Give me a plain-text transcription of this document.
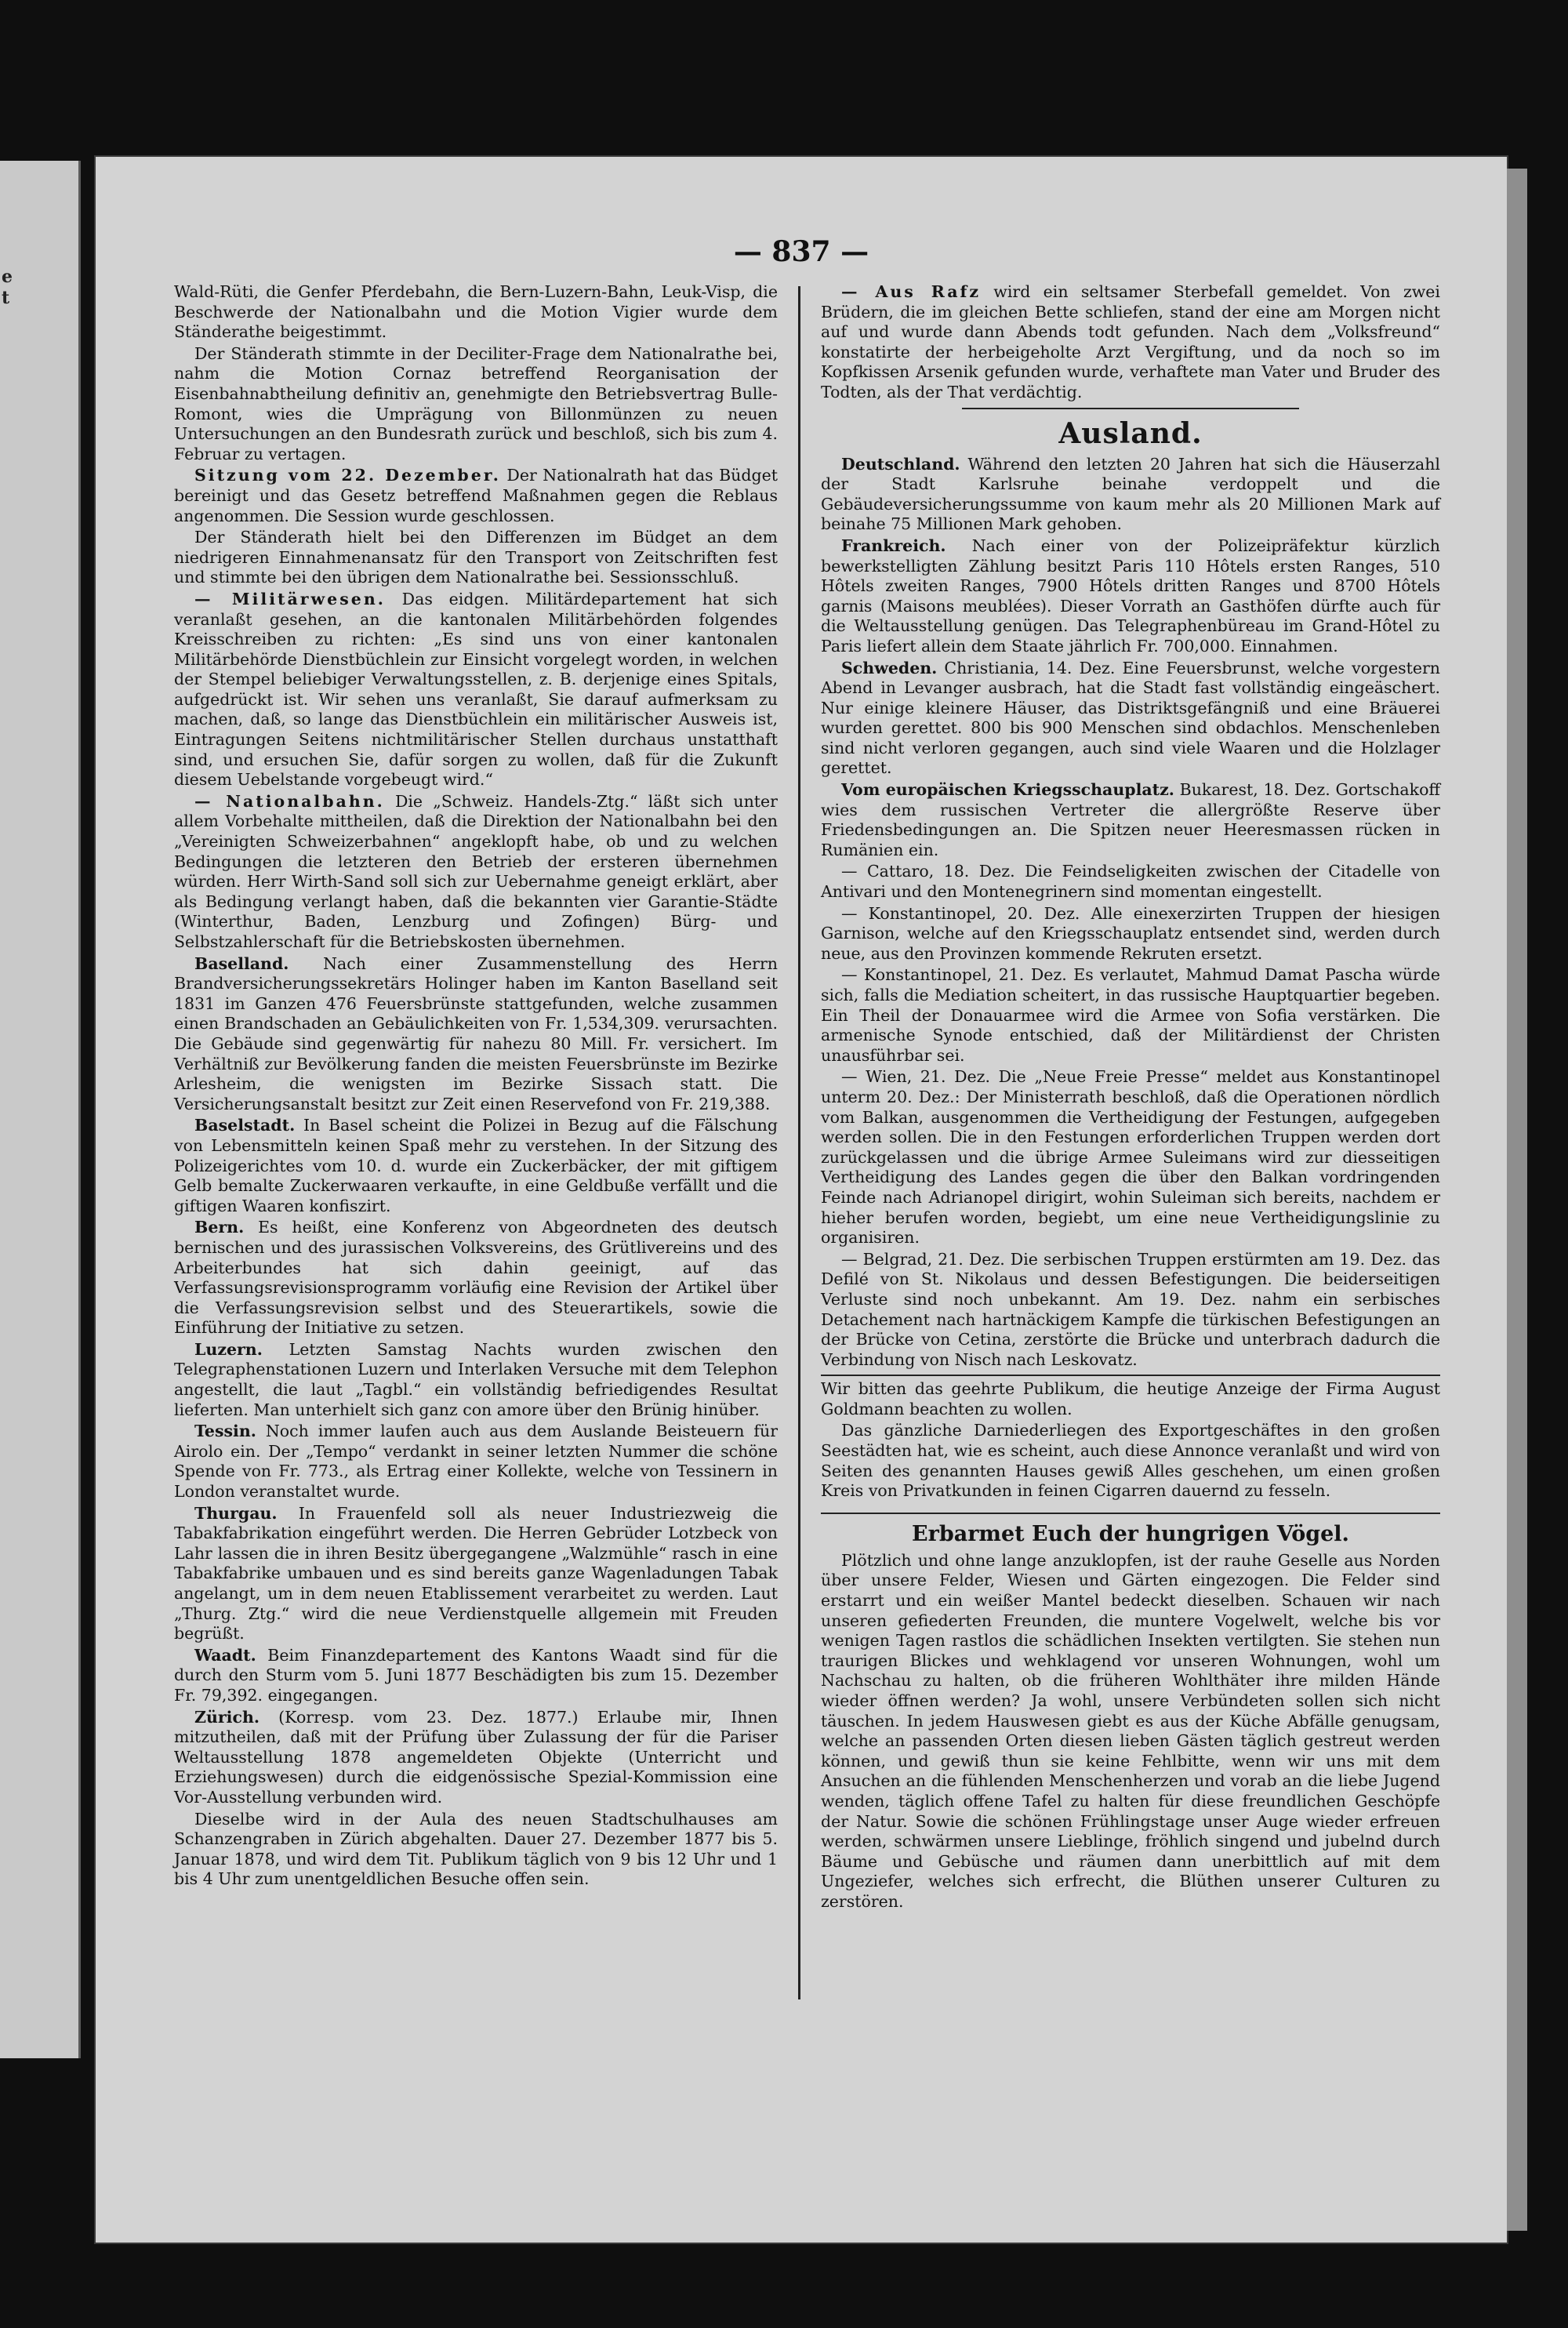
e
t
— 837 —

Wald-Rüti, die Genfer Pferdebahn, die Bern-Luzern-Bahn, Leuk-Visp, die Beschwerde der Nationalbahn und die Motion Vigier wurde dem Ständerathe beigestimmt.

Der Ständerath stimmte in der Deciliter-Frage dem Nationalrathe bei, nahm die Motion Cornaz betreffend Reorganisation der Eisenbahnabtheilung definitiv an, genehmigte den Betriebsvertrag Bulle-Romont, wies die Umprägung von Billonmünzen zu neuen Untersuchungen an den Bundesrath zurück und beschloß, sich bis zum 4. Februar zu vertagen.

Sitzung vom 22. Dezember. Der Nationalrath hat das Büdget bereinigt und das Gesetz betreffend Maßnahmen gegen die Reblaus angenommen. Die Session wurde geschlossen.

Der Ständerath hielt bei den Differenzen im Büdget an dem niedrigeren Einnahmenansatz für den Transport von Zeitschriften fest und stimmte bei den übrigen dem Nationalrathe bei. Sessionsschluß.

— Militärwesen. Das eidgen. Militärdepartement hat sich veranlaßt gesehen, an die kantonalen Militärbehörden folgendes Kreisschreiben zu richten: „Es sind uns von einer kantonalen Militärbehörde Dienstbüchlein zur Einsicht vorgelegt worden, in welchen der Stempel beliebiger Verwaltungsstellen, z. B. derjenige eines Spitals, aufgedrückt ist. Wir sehen uns veranlaßt, Sie darauf aufmerksam zu machen, daß, so lange das Dienstbüchlein ein militärischer Ausweis ist, Eintragungen Seitens nichtmilitärischer Stellen durchaus unstatthaft sind, und ersuchen Sie, dafür sorgen zu wollen, daß für die Zukunft diesem Uebelstande vorgebeugt wird.“

— Nationalbahn. Die „Schweiz. Handels-Ztg.“ läßt sich unter allem Vorbehalte mittheilen, daß die Direktion der Nationalbahn bei den „Vereinigten Schweizerbahnen“ angeklopft habe, ob und zu welchen Bedingungen die letzteren den Betrieb der ersteren übernehmen würden. Herr Wirth-Sand soll sich zur Uebernahme geneigt erklärt, aber als Bedingung verlangt haben, daß die bekannten vier Garantie-Städte (Winterthur, Baden, Lenzburg und Zofingen) Bürg- und Selbstzahlerschaft für die Betriebskosten übernehmen.

Baselland. Nach einer Zusammenstellung des Herrn Brandversicherungssekretärs Holinger haben im Kanton Baselland seit 1831 im Ganzen 476 Feuersbrünste stattgefunden, welche zusammen einen Brandschaden an Gebäulichkeiten von Fr. 1,534,309. verursachten. Die Gebäude sind gegenwärtig für nahezu 80 Mill. Fr. versichert. Im Verhältniß zur Bevölkerung fanden die meisten Feuersbrünste im Bezirke Arlesheim, die wenigsten im Bezirke Sissach statt. Die Versicherungsanstalt besitzt zur Zeit einen Reservefond von Fr. 219,388.

Baselstadt. In Basel scheint die Polizei in Bezug auf die Fälschung von Lebensmitteln keinen Spaß mehr zu verstehen. In der Sitzung des Polizeigerichtes vom 10. d. wurde ein Zuckerbäcker, der mit giftigem Gelb bemalte Zuckerwaaren verkaufte, in eine Geldbuße verfällt und die giftigen Waaren konfiszirt.

Bern. Es heißt, eine Konferenz von Abgeordneten des deutsch bernischen und des jurassischen Volksvereins, des Grütlivereins und des Arbeiterbundes hat sich dahin geeinigt, auf das Verfassungsrevisionsprogramm vorläufig eine Revision der Artikel über die Verfassungsrevision selbst und des Steuerartikels, sowie die Einführung der Initiative zu setzen.

Luzern. Letzten Samstag Nachts wurden zwischen den Telegraphenstationen Luzern und Interlaken Versuche mit dem Telephon angestellt, die laut „Tagbl.“ ein vollständig befriedigendes Resultat lieferten. Man unterhielt sich ganz con amore über den Brünig hinüber.

Tessin. Noch immer laufen auch aus dem Auslande Beisteuern für Airolo ein. Der „Tempo“ verdankt in seiner letzten Nummer die schöne Spende von Fr. 773., als Ertrag einer Kollekte, welche von Tessinern in London veranstaltet wurde.

Thurgau. In Frauenfeld soll als neuer Industriezweig die Tabakfabrikation eingeführt werden. Die Herren Gebrüder Lotzbeck von Lahr lassen die in ihren Besitz übergegangene „Walzmühle“ rasch in eine Tabakfabrike umbauen und es sind bereits ganze Wagenladungen Tabak angelangt, um in dem neuen Etablissement verarbeitet zu werden. Laut „Thurg. Ztg.“ wird die neue Verdienstquelle allgemein mit Freuden begrüßt.

Waadt. Beim Finanzdepartement des Kantons Waadt sind für die durch den Sturm vom 5. Juni 1877 Beschädigten bis zum 15. Dezember Fr. 79,392. eingegangen.

Zürich. (Korresp. vom 23. Dez. 1877.) Erlaube mir, Ihnen mitzutheilen, daß mit der Prüfung über Zulassung der für die Pariser Weltausstellung 1878 angemeldeten Objekte (Unterricht und Erziehungswesen) durch die eidgenössische Spezial-Kommission eine Vor-Ausstellung verbunden wird.

Dieselbe wird in der Aula des neuen Stadtschulhauses am Schanzengraben in Zürich abgehalten. Dauer 27. Dezember 1877 bis 5. Januar 1878, und wird dem Tit. Publikum täglich von 9 bis 12 Uhr und 1 bis 4 Uhr zum unentgeldlichen Besuche offen sein.

— Aus Rafz wird ein seltsamer Sterbefall gemeldet. Von zwei Brüdern, die im gleichen Bette schliefen, stand der eine am Morgen nicht auf und wurde dann Abends todt gefunden. Nach dem „Volksfreund“ konstatirte der herbeigeholte Arzt Vergiftung, und da noch so im Kopfkissen Arsenik gefunden wurde, verhaftete man Vater und Bruder des Todten, als der That verdächtig.

Ausland.

Deutschland. Während den letzten 20 Jahren hat sich die Häuserzahl der Stadt Karlsruhe beinahe verdoppelt und die Gebäudeversicherungssumme von kaum mehr als 20 Millionen Mark auf beinahe 75 Millionen Mark gehoben.

Frankreich. Nach einer von der Polizeipräfektur kürzlich bewerkstelligten Zählung besitzt Paris 110 Hôtels ersten Ranges, 510 Hôtels zweiten Ranges, 7900 Hôtels dritten Ranges und 8700 Hôtels garnis (Maisons meublées). Dieser Vorrath an Gasthöfen dürfte auch für die Weltausstellung genügen. Das Telegraphenbüreau im Grand-Hôtel zu Paris liefert allein dem Staate jährlich Fr. 700,000. Einnahmen.

Schweden. Christiania, 14. Dez. Eine Feuersbrunst, welche vorgestern Abend in Levanger ausbrach, hat die Stadt fast vollständig eingeäschert. Nur einige kleinere Häuser, das Distriktsgefängniß und eine Bräuerei wurden gerettet. 800 bis 900 Menschen sind obdachlos. Menschenleben sind nicht verloren gegangen, auch sind viele Waaren und die Holzlager gerettet.

Vom europäischen Kriegsschauplatz. Bukarest, 18. Dez. Gortschakoff wies dem russischen Vertreter die allergrößte Reserve über Friedensbedingungen an. Die Spitzen neuer Heeresmassen rücken in Rumänien ein.

— Cattaro, 18. Dez. Die Feindseligkeiten zwischen der Citadelle von Antivari und den Montenegrinern sind momentan eingestellt.

— Konstantinopel, 20. Dez. Alle einexerzirten Truppen der hiesigen Garnison, welche auf den Kriegsschauplatz entsendet sind, werden durch neue, aus den Provinzen kommende Rekruten ersetzt.

— Konstantinopel, 21. Dez. Es verlautet, Mahmud Damat Pascha würde sich, falls die Mediation scheitert, in das russische Hauptquartier begeben. Ein Theil der Donauarmee wird die Armee von Sofia verstärken. Die armenische Synode entschied, daß der Militärdienst der Christen unausführbar sei.

— Wien, 21. Dez. Die „Neue Freie Presse“ meldet aus Konstantinopel unterm 20. Dez.: Der Ministerrath beschloß, daß die Operationen nördlich vom Balkan, ausgenommen die Vertheidigung der Festungen, aufgegeben werden sollen. Die in den Festungen erforderlichen Truppen werden dort zurückgelassen und die übrige Armee Suleimans wird zur diesseitigen Vertheidigung des Landes gegen die über den Balkan vordringenden Feinde nach Adrianopel dirigirt, wohin Suleiman sich bereits, nachdem er hieher berufen worden, begiebt, um eine neue Vertheidigungslinie zu organisiren.

— Belgrad, 21. Dez. Die serbischen Truppen erstürmten am 19. Dez. das Defilé von St. Nikolaus und dessen Befestigungen. Die beiderseitigen Verluste sind noch unbekannt. Am 19. Dez. nahm ein serbisches Detachement nach hartnäckigem Kampfe die türkischen Befestigungen an der Brücke von Cetina, zerstörte die Brücke und unterbrach dadurch die Verbindung von Nisch nach Leskovatz.

Wir bitten das geehrte Publikum, die heutige Anzeige der Firma August Goldmann beachten zu wollen.

Das gänzliche Darniederliegen des Exportgeschäftes in den großen Seestädten hat, wie es scheint, auch diese Annonce veranlaßt und wird von Seiten des genannten Hauses gewiß Alles geschehen, um einen großen Kreis von Privatkunden in feinen Cigarren dauernd zu fesseln.

Erbarmet Euch der hungrigen Vögel.

Plötzlich und ohne lange anzuklopfen, ist der rauhe Geselle aus Norden über unsere Felder, Wiesen und Gärten eingezogen. Die Felder sind erstarrt und ein weißer Mantel bedeckt dieselben. Schauen wir nach unseren gefiederten Freunden, die muntere Vogelwelt, welche bis vor wenigen Tagen rastlos die schädlichen Insekten vertilgten. Sie stehen nun traurigen Blickes und wehklagend vor unseren Wohnungen, wohl um Nachschau zu halten, ob die früheren Wohlthäter ihre milden Hände wieder öffnen werden? Ja wohl, unsere Verbündeten sollen sich nicht täuschen. In jedem Hauswesen giebt es aus der Küche Abfälle genugsam, welche an passenden Orten diesen lieben Gästen täglich gestreut werden können, und gewiß thun sie keine Fehlbitte, wenn wir uns mit dem Ansuchen an die fühlenden Menschenherzen und vorab an die liebe Jugend wenden, täglich offene Tafel zu halten für diese freundlichen Geschöpfe der Natur. Sowie die schönen Frühlingstage unser Auge wieder erfreuen werden, schwärmen unsere Lieblinge, fröhlich singend und jubelnd durch Bäume und Gebüsche und räumen dann unerbittlich auf mit dem Ungeziefer, welches sich erfrecht, die Blüthen unserer Culturen zu zerstören.
